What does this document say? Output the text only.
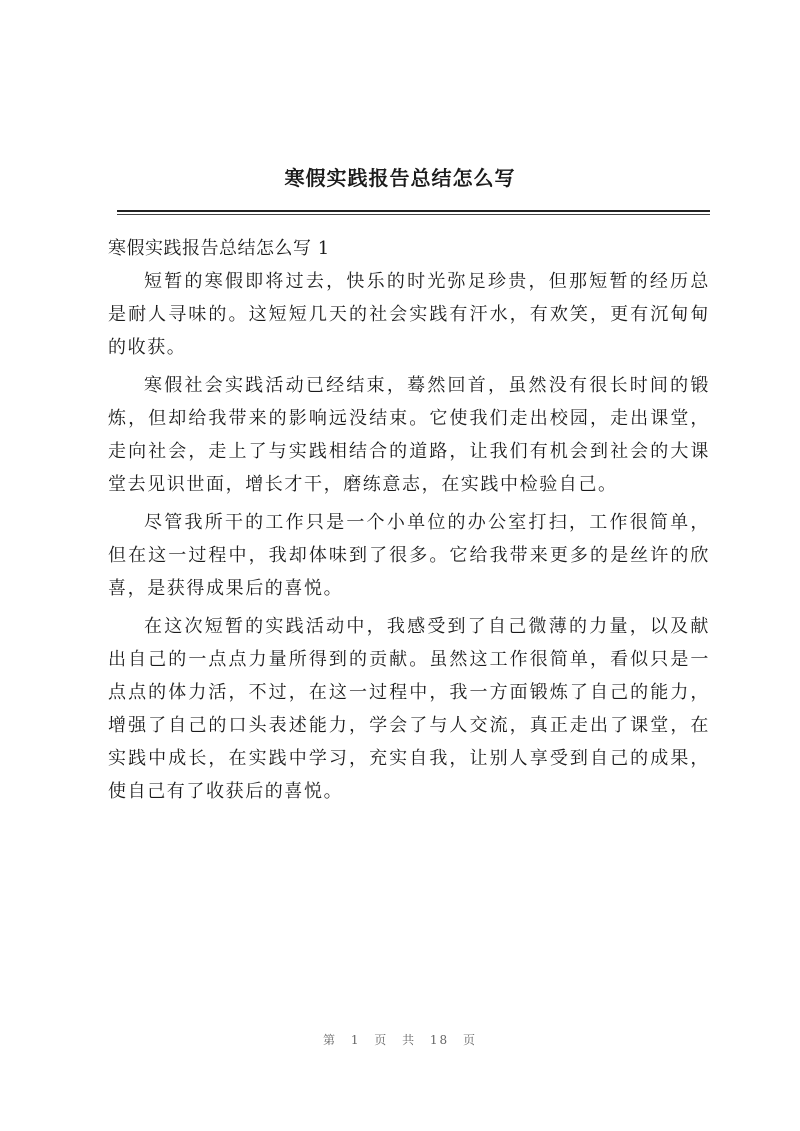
寒假实践报告总结怎么写

寒假实践报告总结怎么写 1

短暂的寒假即将过去，快乐的时光弥足珍贵，但那短暂的经历总是耐人寻味的。这短短几天的社会实践有汗水，有欢笑，更有沉甸甸的收获。

寒假社会实践活动已经结束，蓦然回首，虽然没有很长时间的锻炼，但却给我带来的影响远没结束。它使我们走出校园，走出课堂，走向社会，走上了与实践相结合的道路，让我们有机会到社会的大课堂去见识世面，增长才干，磨练意志，在实践中检验自己。

尽管我所干的工作只是一个小单位的办公室打扫，工作很简单，但在这一过程中，我却体味到了很多。它给我带来更多的是丝许的欣喜，是获得成果后的喜悦。

在这次短暂的实践活动中，我感受到了自己微薄的力量，以及献出自己的一点点力量所得到的贡献。虽然这工作很简单，看似只是一点点的体力活，不过，在这一过程中，我一方面锻炼了自己的能力，增强了自己的口头表述能力，学会了与人交流，真正走出了课堂，在实践中成长，在实践中学习，充实自我，让别人享受到自己的成果，使自己有了收获后的喜悦。

第 1 页 共 18 页
